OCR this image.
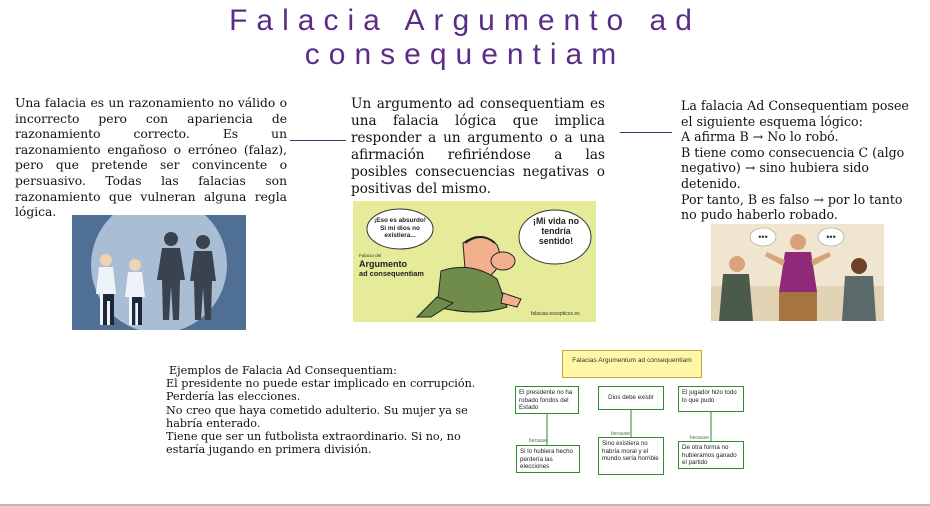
Falacia Argumento ad
consequentiam
Una falacia es un razonamiento no válido o incorrecto pero con apariencia de razonamiento correcto. Es un razonamiento engañoso o erróneo (falaz), pero que pretende ser convincente o persuasivo. Todas las falacias son razonamiento que vulneran alguna regla lógica.
Un argumento ad consequentiam es una falacia lógica que implica responder a un argumento o a una afirmación refiriéndose a las posibles consecuencias negativas o positivas del mismo.
La falacia Ad Consequentiam posee el siguiente esquema lógico:
A afirma B → No lo robó.
B tiene como consecuencia C (algo negativo) → sino hubiera sido detenido.
Por tanto, B es falso → por lo tanto no pudo haberlo robado.
¡Eso es absurdo! Si mi dios no existiera...
¡Mi vida no tendría sentido!
Falacia del
Argumento
ad consequentiam
falacias.escepticos.es
•••	•••
Ejemplos de Falacia Ad Consequentiam:
El presidente no puede estar implicado en corrupción.
Perdería las elecciones.
No creo que haya cometido adulterio. Su mujer ya se habría enterado.
Tiene que ser un futbolista extraordinario. Si no, no estaría jugando en primera división.
Falacias Argumentum ad consequentiam
El presidente no ha robado fondos del Estado
Dios debe existir
El jugador hizo todo lo que pudo
because
because
because
Si lo hubiera hecho perdería las elecciones
Sino existiera no habría moral y el mundo sería horrible
De otra forma no hubieramos ganado el partido
